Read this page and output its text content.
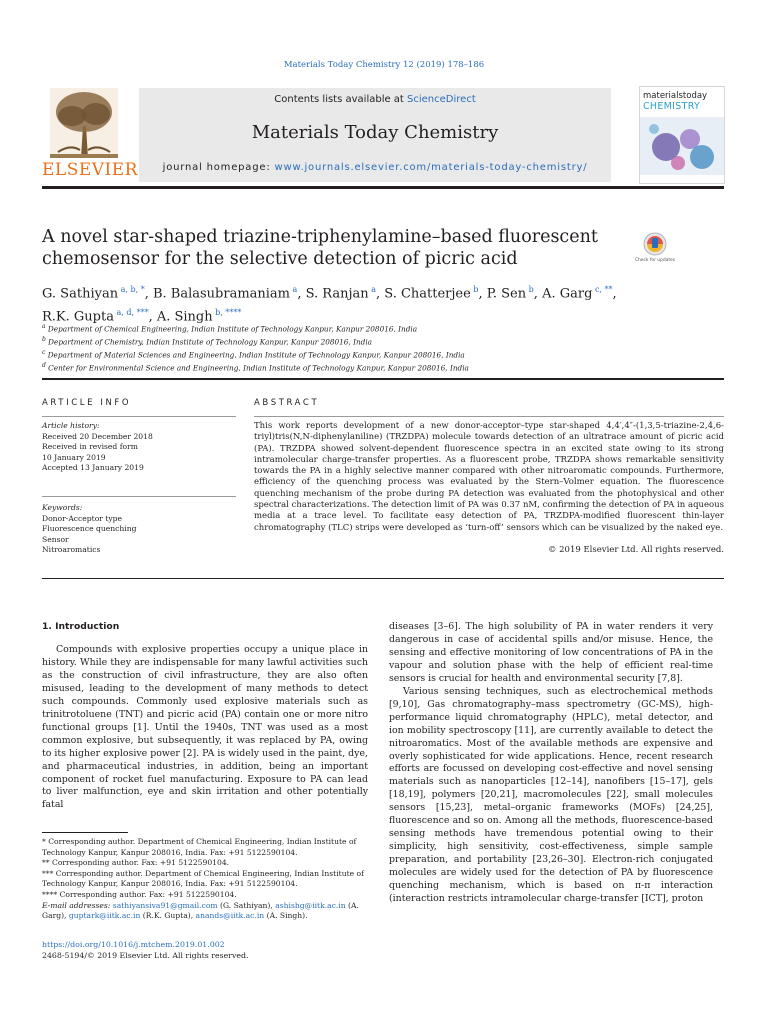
Materials Today Chemistry 12 (2019) 178–186
ELSEVIER
Contents lists available at ScienceDirect
Materials Today Chemistry
journal homepage: www.journals.elsevier.com/materials-today-chemistry/
materialstoday
CHEMISTRY
A novel star-shaped triazine-triphenylamine–based fluorescent chemosensor for the selective detection of picric acid	Check for updates
G. Sathiyan $^{a, b, *}$, B. Balasubramaniam $^a$, S. Ranjan $^a$, S. Chatterjee $^b$, P. Sen $^b$, A. Garg $^{c, **}$,
R.K. Gupta $^{a, d, ***}$, A. Singh $^{b, ****}$
$^a$ Department of Chemical Engineering, Indian Institute of Technology Kanpur, Kanpur 208016, India
$^b$ Department of Chemistry, Indian Institute of Technology Kanpur, Kanpur 208016, India
$^c$ Department of Material Sciences and Engineering, Indian Institute of Technology Kanpur, Kanpur 208016, India
$^d$ Center for Environmental Science and Engineering, Indian Institute of Technology Kanpur, Kanpur 208016, India
ARTICLE INFO	ABSTRACT
Article history:
Received 20 December 2018
Received in revised form
10 January 2019
Accepted 13 January 2019
Keywords:
Donor-Acceptor type
Fluorescence quenching
Sensor
Nitroaromatics
This work reports development of a new donor-acceptor–type star-shaped 4,4′,4″-(1,3,5-triazine-2,4,6-triyl)tris(N,N-diphenylaniline) (TRZDPA) molecule towards detection of an ultratrace amount of picric acid (PA). TRZDPA showed solvent-dependent fluorescence spectra in an excited state owing to its strong intramolecular charge-transfer properties. As a fluorescent probe, TRZDPA shows remarkable sensitivity towards the PA in a highly selective manner compared with other nitroaromatic compounds. Furthermore, efficiency of the quenching process was evaluated by the Stern–Volmer equation. The fluorescence quenching mechanism of the probe during PA detection was evaluated from the photophysical and other spectral characterizations. The detection limit of PA was 0.37 nM, confirming the detection of PA in aqueous media at a trace level. To facilitate easy detection of PA, TRZDPA-modified fluorescent thin-layer chromatography (TLC) strips were developed as ‘turn-off’ sensors which can be visualized by the naked eye.
© 2019 Elsevier Ltd. All rights reserved.
1. Introduction

Compounds with explosive properties occupy a unique place in history. While they are indispensable for many lawful activities such as the construction of civil infrastructure, they are also often misused, leading to the development of many methods to detect such compounds. Commonly used explosive materials such as trinitrotoluene (TNT) and picric acid (PA) contain one or more nitro functional groups [1]. Until the 1940s, TNT was used as a most common explosive, but subsequently, it was replaced by PA, owing to its higher explosive power [2]. PA is widely used in the paint, dye, and pharmaceutical industries, in addition, being an important component of rocket fuel manufacturing. Exposure to PA can lead to liver malfunction, eye and skin irritation and other potentially fatal

diseases [3–6]. The high solubility of PA in water renders it very dangerous in case of accidental spills and/or misuse. Hence, the sensing and effective monitoring of low concentrations of PA in the vapour and solution phase with the help of efficient real-time sensors is crucial for health and environmental security [7,8].

Various sensing techniques, such as electrochemical methods [9,10], Gas chromatography–mass spectrometry (GC-MS), high-performance liquid chromatography (HPLC), metal detector, and ion mobility spectroscopy [11], are currently available to detect the nitroaromatics. Most of the available methods are expensive and overly sophisticated for wide applications. Hence, recent research efforts are focussed on developing cost-effective and novel sensing materials such as nanoparticles [12–14], nanofibers [15–17], gels [18,19], polymers [20,21], macromolecules [22], small molecules sensors [15,23], metal–organic frameworks (MOFs) [24,25], fluorescence and so on. Among all the methods, fluorescence-based sensing methods have tremendous potential owing to their simplicity, high sensitivity, cost-effectiveness, simple sample preparation, and portability [23,26–30]. Electron-rich conjugated molecules are widely used for the detection of PA by fluorescence quenching mechanism, which is based on π-π interaction (interaction restricts intramolecular charge-transfer [ICT], proton

* Corresponding author. Department of Chemical Engineering, Indian Institute of Technology Kanpur, Kanpur 208016, India. Fax: +91 5122590104.
** Corresponding author. Fax: +91 5122590104.
*** Corresponding author. Department of Chemical Engineering, Indian Institute of Technology Kanpur, Kanpur 208016, India. Fax: +91 5122590104.
**** Corresponding author. Fax: +91 5122590104.
E-mail addresses: sathiyansiva91@gmail.com (G. Sathiyan), ashishg@iitk.ac.in (A. Garg), guptark@iitk.ac.in (R.K. Gupta), anands@iitk.ac.in (A. Singh).
https://doi.org/10.1016/j.mtchem.2019.01.002
2468-5194/© 2019 Elsevier Ltd. All rights reserved.
